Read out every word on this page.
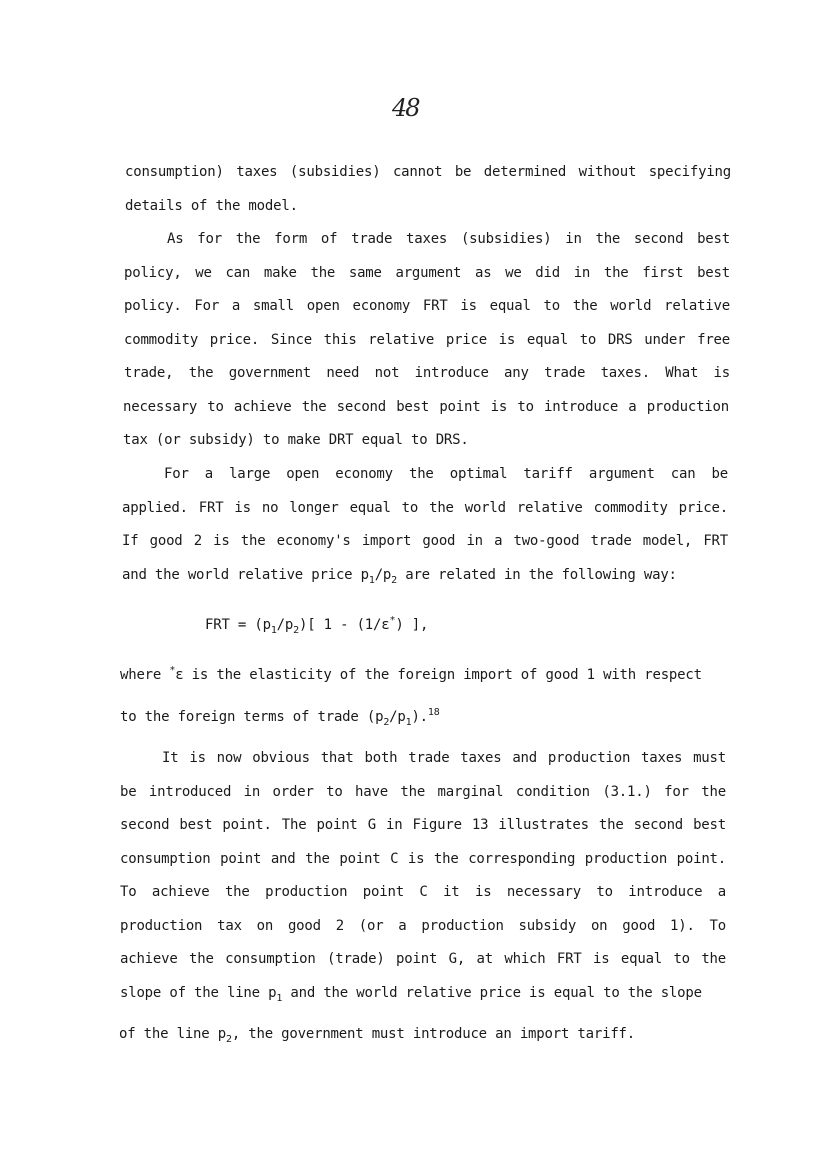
48
consumption) taxes (subsidies) cannot be determined without specifying
details of the model.
As for the form of trade taxes (subsidies) in the second best
policy, we can make the same argument as we did in the first best
policy. For a small open economy FRT is equal to the world relative
commodity price. Since this relative price is equal to DRS under free
trade, the government need not introduce any trade taxes. What is
necessary to achieve the second best point is to introduce a production
tax (or subsidy) to make DRT equal to DRS.
For a large open economy the optimal tariff argument can be
applied. FRT is no longer equal to the world relative commodity price.
If good 2 is the economy's import good in a two-good trade model, FRT
and the world relative price $p_1/p_2$ are related in the following way:
FRT = $(p_1/p_2)$[ 1 - (1/ε*) ],
where *ε is the elasticity of the foreign import of good 1 with respect
to the foreign terms of trade $(p_2/p_1).^{18}$
It is now obvious that both trade taxes and production taxes must
be introduced in order to have the marginal condition (3.1.) for the
second best point. The point G in Figure 13 illustrates the second best
consumption point and the point C is the corresponding production point.
To achieve the production point C it is necessary to introduce a
production tax on good 2 (or a production subsidy on good 1). To
achieve the consumption (trade) point G, at which FRT is equal to the
slope of the line $p_1$ and the world relative price is equal to the slope
of the line $p_2$, the government must introduce an import tariff.
